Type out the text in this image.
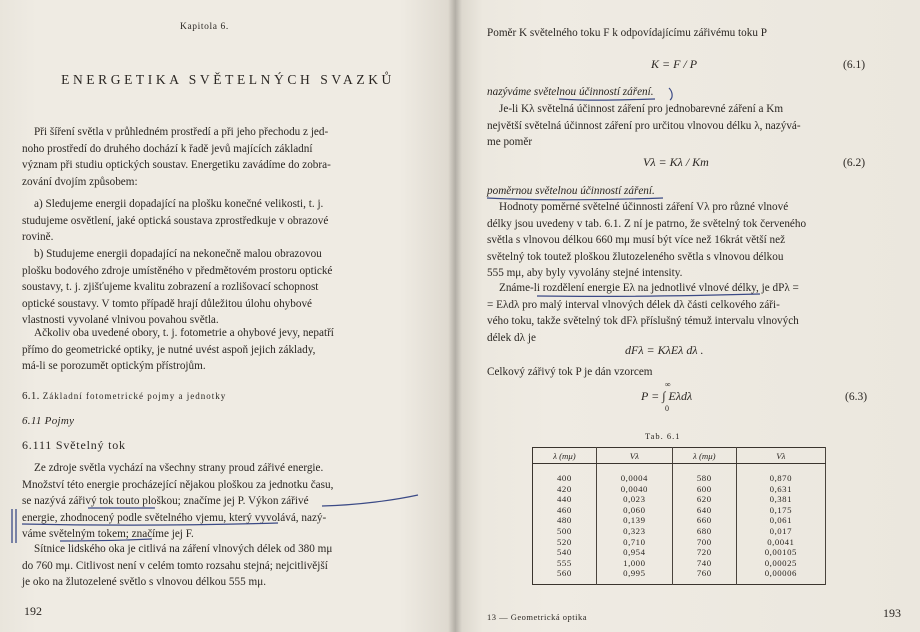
Kapitola 6.
ENERGETIKA SVĚTELNÝCH SVAZKŮ
Při šíření světla v průhledném prostředí a při jeho přechodu z jed-
noho prostředí do druhého dochází k řadě jevů majících základní
význam při studiu optických soustav. Energetiku zavádíme do zobra-
zování dvojím způsobem:
a) Sledujeme energii dopadající na plošku konečné velikosti, t. j.
studujeme osvětlení, jaké optická soustava zprostředkuje v obrazové
rovině.
b) Studujeme energii dopadající na nekonečně malou obrazovou
plošku bodového zdroje umístěného v předmětovém prostoru optické
soustavy, t. j. zjišťujeme kvalitu zobrazení a rozlišovací schopnost
optické soustavy. V tomto případě hrají důležitou úlohu ohybové
vlastnosti vyvolané vlnivou povahou světla.
Ačkoliv oba uvedené obory, t. j. fotometrie a ohybové jevy, nepatří
přímo do geometrické optiky, je nutné uvést aspoň jejich základy,
má-li se porozumět optickým přístrojům.
6.1. Základní fotometrické pojmy a jednotky
6.11 Pojmy
6.111 Světelný tok
Ze zdroje světla vychází na všechny strany proud zářivé energie.
Množství této energie procházející nějakou ploškou za jednotku času,
se nazývá zářivý tok touto ploškou; značíme jej P. Výkon zářivé
energie, zhodnocený podle světelného vjemu, který vyvolává, nazý-
váme světelným tokem; značíme jej F.
Sítnice lidského oka je citlivá na záření vlnových délek od 380 mμ
do 760 mμ. Citlivost není v celém tomto rozsahu stejná; nejcitlivější
je oko na žlutozelené světlo s vlnovou délkou 555 mμ.
192
Poměr K světelného toku F k odpovídajícímu zářivému toku P
K = F / P	(6.1)
nazýváme světelnou účinností záření.
Je-li Kλ světelná účinnost záření pro jednobarevné záření a Km
největší světelná účinnost záření pro určitou vlnovou délku λ, nazývá-
me poměr
Vλ = Kλ / Km	(6.2)
poměrnou světelnou účinností záření.
Hodnoty poměrné světelné účinnosti záření Vλ pro různé vlnové
délky jsou uvedeny v tab. 6.1. Z ní je patrno, že světelný tok červeného
světla s vlnovou délkou 660 mμ musí být více než 16krát větší než
světelný tok toutež ploškou žlutozeleného světla s vlnovou délkou
555 mμ, aby byly vyvolány stejné intensity.
Známe-li rozdělení energie Eλ na jednotlivé vlnové délky, je dPλ =
= Eλdλ pro malý interval vlnových délek dλ části celkového záři-
vého toku, takže světelný tok dFλ příslušný témuž intervalu vlnových
délek dλ je
dFλ = KλEλ dλ .
Celkový zářivý tok P je dán vzorcem
P = ∫ Eλdλ
∞
0
(6.3)
Tab. 6.1
λ (mμ)	Vλ	λ (mμ)	Vλ
400	0,0004	580	0,870
420	0,0040	600	0,631
440	0,023	620	0,381
460	0,060	640	0,175
480	0,139	660	0,061
500	0,323	680	0,017
520	0,710	700	0,0041
540	0,954	720	0,00105
555	1,000	740	0,00025
560	0,995	760	0,00006
13 — Geometrická optika	193
